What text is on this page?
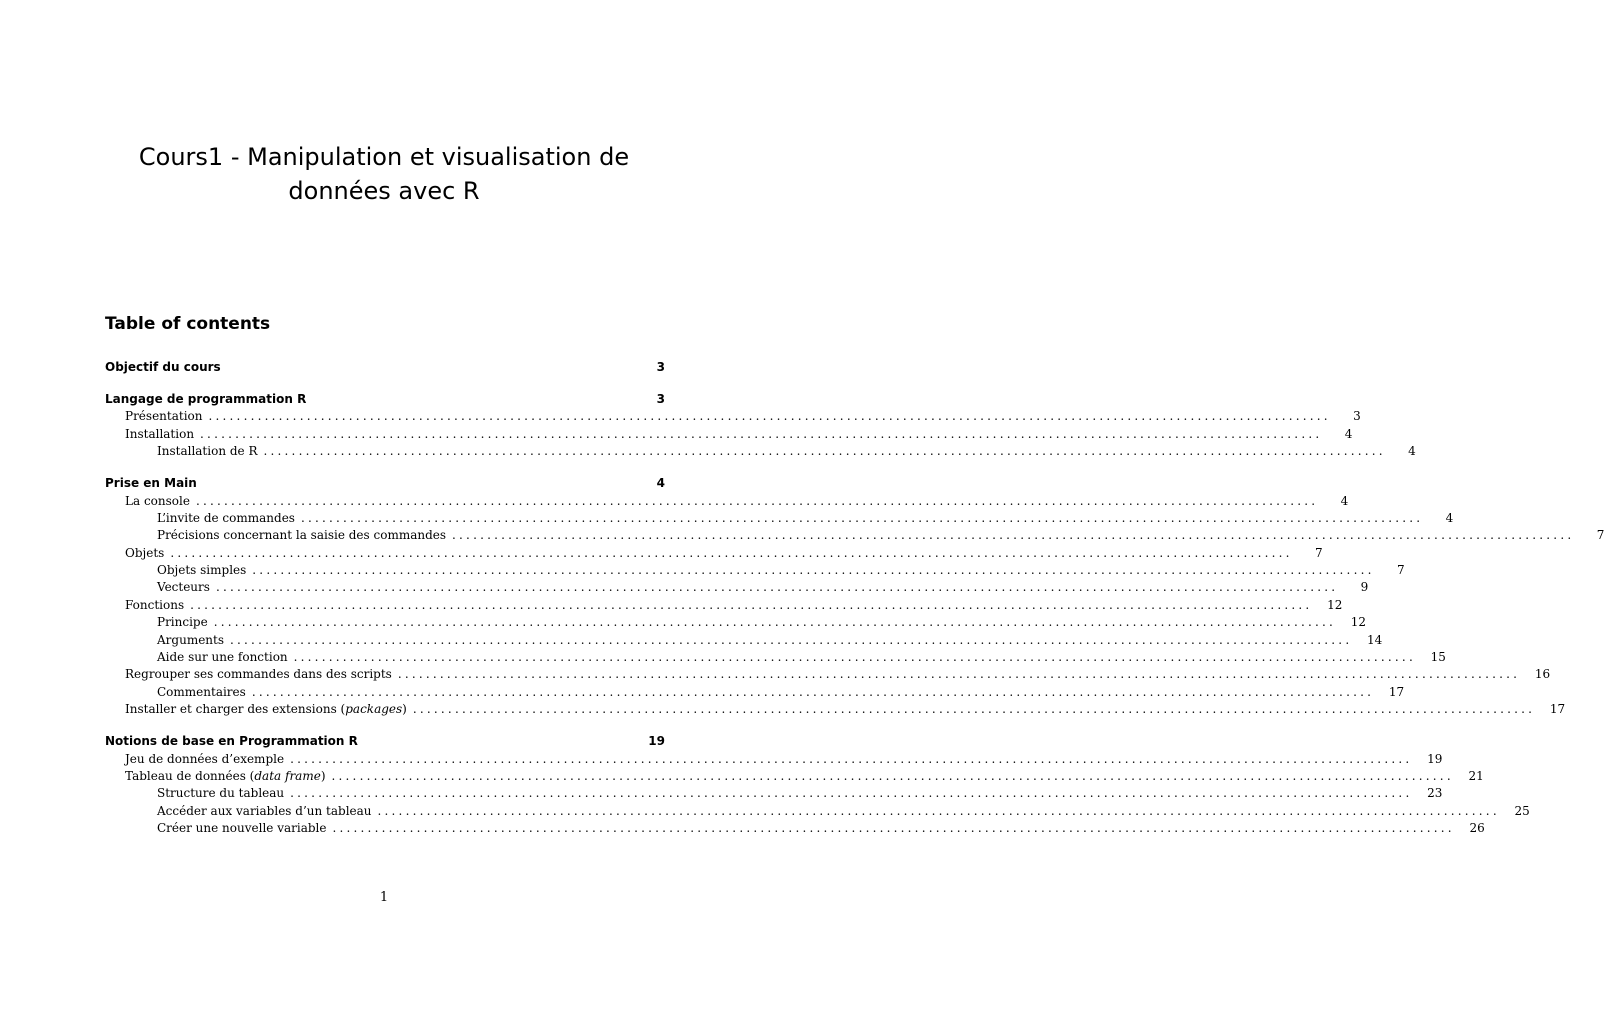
Cours1 - Manipulation et visualisation de
données avec R
Table of contents
Objectif du cours	3
Langage de programmation R	3
Présentation ................................................................................................................................................................	3
Installation ................................................................................................................................................................	4
Installation de R ................................................................................................................................................................	4
Prise en Main	4
La console ................................................................................................................................................................	4
L’invite de commandes ................................................................................................................................................................	4
Précisions concernant la saisie des commandes ................................................................................................................................................................	7
Objets ................................................................................................................................................................	7
Objets simples ................................................................................................................................................................	7
Vecteurs ................................................................................................................................................................	9
Fonctions ................................................................................................................................................................	12
Principe ................................................................................................................................................................	12
Arguments ................................................................................................................................................................	14
Aide sur une fonction ................................................................................................................................................................	15
Regrouper ses commandes dans des scripts ................................................................................................................................................................	16
Commentaires ................................................................................................................................................................	17
Installer et charger des extensions (packages) ................................................................................................................................................................	17
Notions de base en Programmation R	19
Jeu de données d’exemple ................................................................................................................................................................	19
Tableau de données (data frame) ................................................................................................................................................................	21
Structure du tableau ................................................................................................................................................................	23
Accéder aux variables d’un tableau ................................................................................................................................................................	25
Créer une nouvelle variable ................................................................................................................................................................	26
1
